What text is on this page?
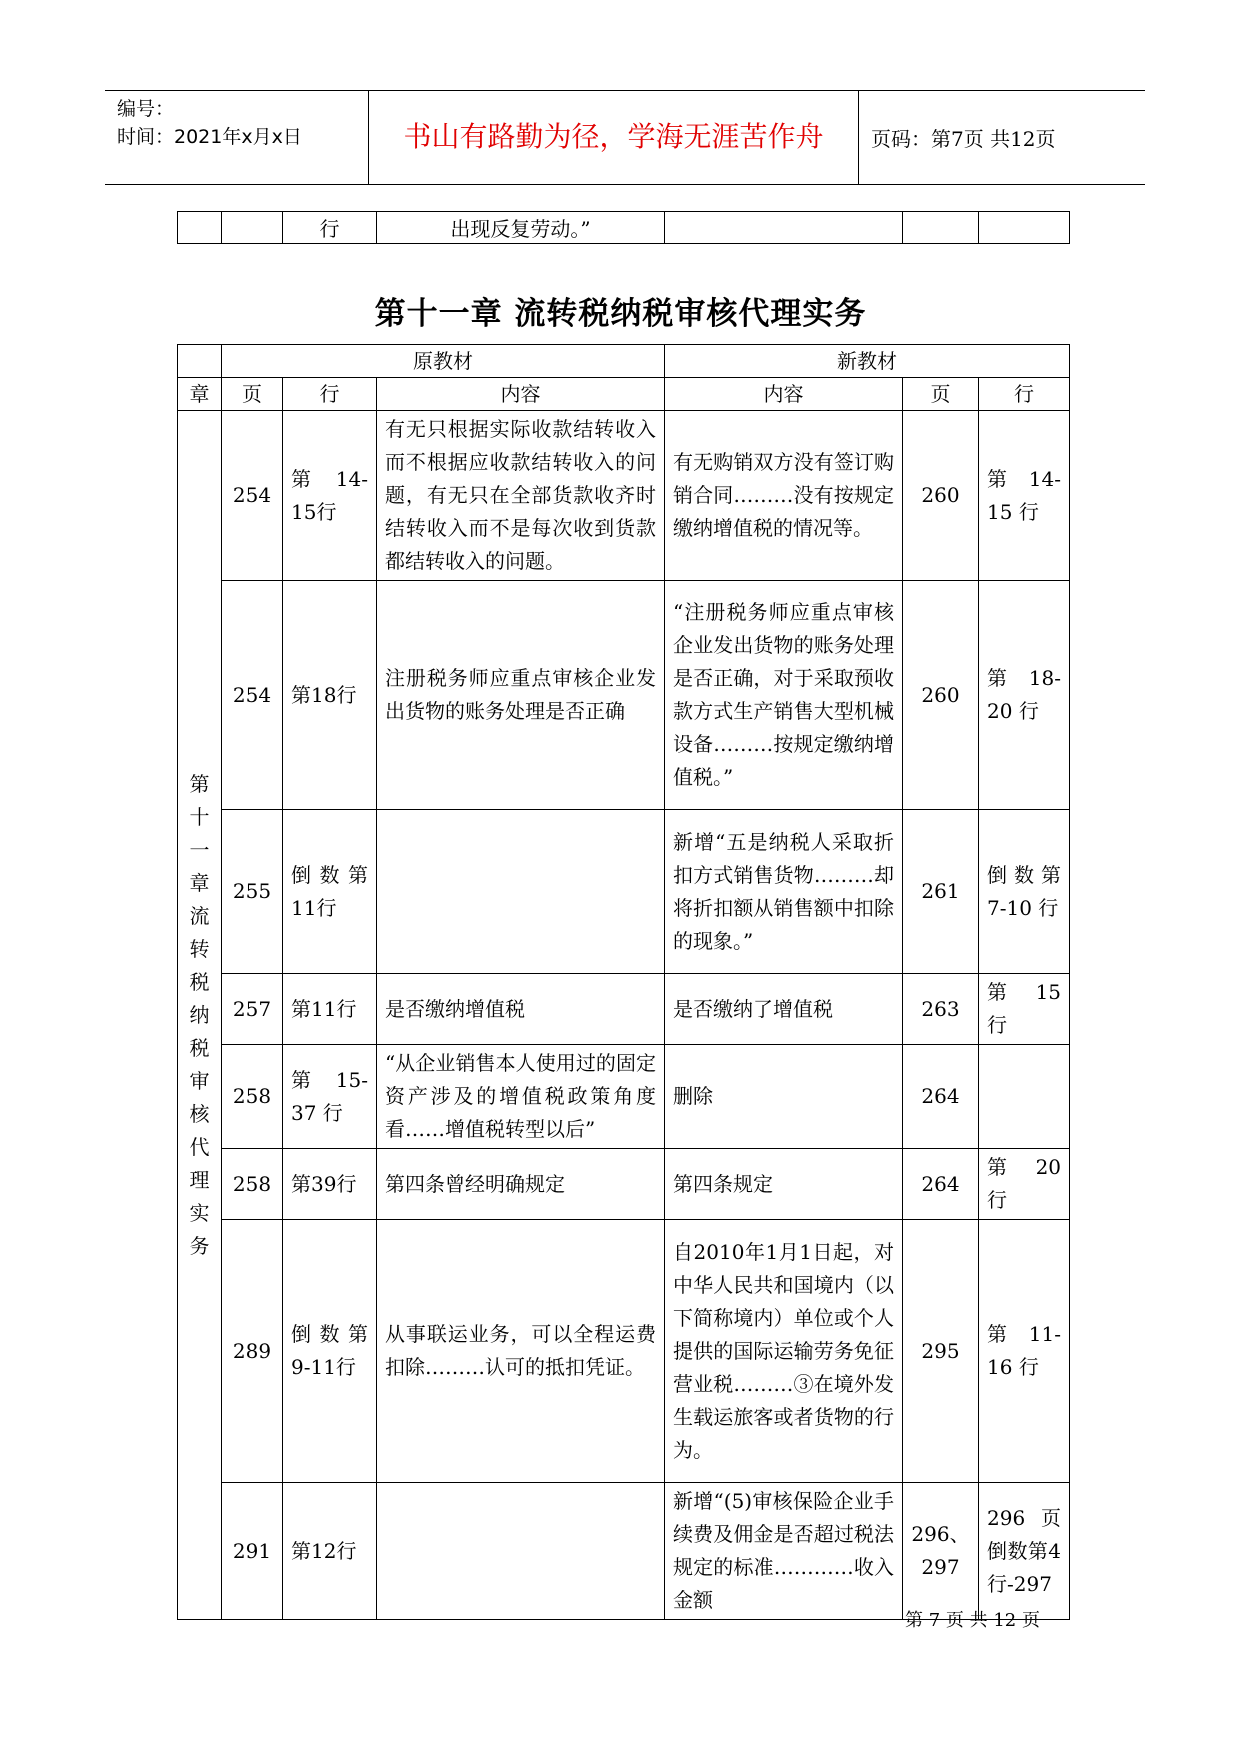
编号：
时间：2021年x月x日	书山有路勤为径，学海无涯苦作舟	页码：第7页 共12页
		行	出现反复劳动。”			
第十一章 流转税纳税审核代理实务
	原教材			新教材		
章	页	行	内容	内容	页	行
第十一章 流转税纳税审核代理实务	254	第 14-15行	有无只根据实际收款结转收入而不根据应收款结转收入的问题，有无只在全部货款收齐时结转收入而不是每次收到货款都结转收入的问题。	有无购销双方没有签订购销合同………没有按规定缴纳增值税的情况等。	260	第 14-15 行
	254	第18行	注册税务师应重点审核企业发出货物的账务处理是否正确	“注册税务师应重点审核企业发出货物的账务处理是否正确，对于采取预收款方式生产销售大型机械设备………按规定缴纳增值税。”	260	第 18-20 行
	255	倒数第11行		新增“五是纳税人采取折扣方式销售货物………却将折扣额从销售额中扣除的现象。”	261	倒数第 7-10 行
	257	第11行	是否缴纳增值税	是否缴纳了增值税	263	第 15 行
	258	第 15-37 行	“从企业销售本人使用过的固定资产涉及的增值税政策角度看……增值税转型以后”	删除	264	
	258	第39行	第四条曾经明确规定	第四条规定	264	第 20 行
	289	倒数第9-11行	从事联运业务，可以全程运费扣除………认可的抵扣凭证。	自2010年1月1日起，对中华人民共和国境内（以下简称境内）单位或个人提供的国际运输劳务免征营业税………③在境外发生载运旅客或者货物的行为。	295	第 11-16 行
	291	第12行		新增“(5)审核保险企业手续费及佣金是否超过税法规定的标准…………收入金额	296、297	296页倒数第4行-297
第 7 页 共 12 页
